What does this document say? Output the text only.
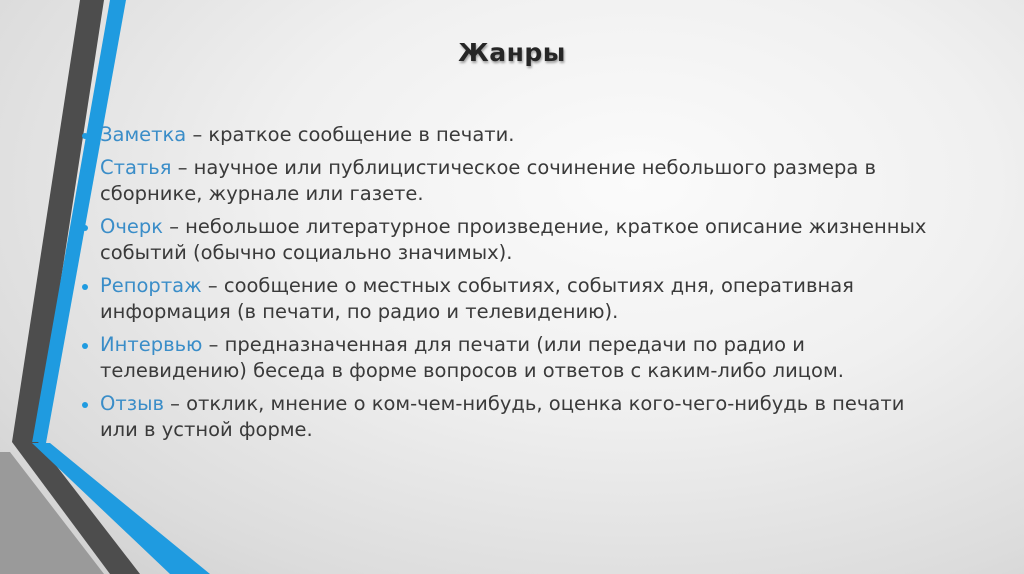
Жанры
Заметка – краткое сообщение в печати.
Статья – научное или публицистическое сочинение небольшого размера в сборнике, журнале или газете.
Очерк – небольшое литературное произведение, краткое описание жизненных событий (обычно социально значимых).
Репортаж – сообщение о местных событиях, событиях дня, оперативная информация (в печати, по радио и телевидению).
Интервью – предназначенная для печати (или передачи по радио и телевидению) беседа в форме вопросов и ответов с каким-либо лицом.
Отзыв – отклик, мнение о ком-чем-нибудь, оценка кого-чего-нибудь в печати или в устной форме.
